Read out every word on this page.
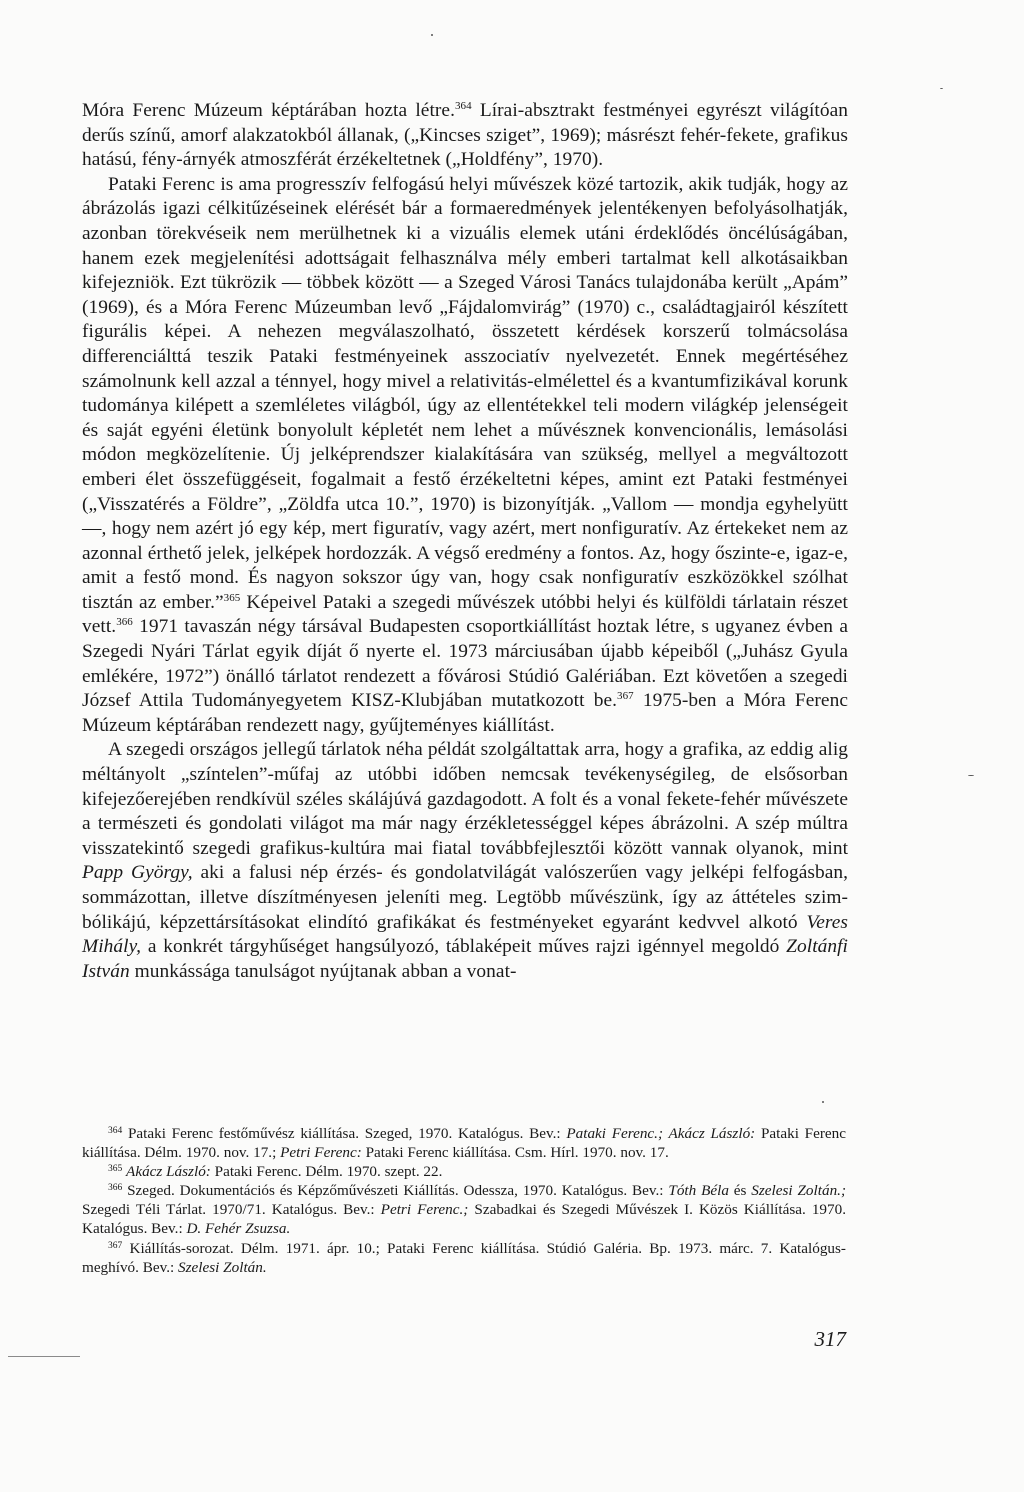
Móra Ferenc Múzeum képtárában hozta létre.$^{364}$ Lírai-absztrakt festményei egyrészt világítóan derűs színű, amorf alakzatokból állanak, („Kincses sziget”, 1969); másrészt fehér-fekete, grafikus hatású, fény-árnyék atmoszférát érzékeltetnek („Holdfény”, 1970).

Pataki Ferenc is ama progresszív felfogású helyi művészek közé tartozik, akik tudják, hogy az ábrázolás igazi célkitűzéseinek elérését bár a formaeredmények jelentékenyen befolyásolhatják, azonban törekvéseik nem merülhetnek ki a vizuális elemek utáni érdeklődés öncélúságában, hanem ezek megjelenítési adottságait felhasználva mély emberi tartalmat kell alkotásaikban kifejezniök. Ezt tükrözik — többek között — a Szeged Városi Tanács tulajdonába került „Apám” (1969), és a Móra Ferenc Múzeumban levő „Fájdalomvirág” (1970) c., családtagjairól készített figurális képei. A nehezen megválaszolható, összetett kérdések korszerű tolmácsolása differenciálttá teszik Pataki festményeinek asszociatív nyelvezetét. Ennek megértéséhez számolnunk kell azzal a ténnyel, hogy mivel a relativitás-elmélettel és a kvantumfizikával korunk tudománya kilépett a szemléletes világból, úgy az ellentétekkel teli modern világkép jelenségeit és saját egyéni életünk bonyolult képletét nem lehet a művésznek konvencionális, lemásolási módon megközelítenie. Új jelképrendszer kialakítására van szükség, mellyel a megváltozott emberi élet összefüggéseit, fogalmait a festő érzékeltetni képes, amint ezt Pataki festményei („Visszatérés a Földre”, „Zöldfa utca 10.”, 1970) is bizonyítják. „Vallom — mondja egyhelyütt —, hogy nem azért jó egy kép, mert figuratív, vagy azért, mert nonfiguratív. Az értekeket nem az azonnal érthető jelek, jelképek hordozzák. A végső eredmény a fontos. Az, hogy őszinte-e, igaz-e, amit a festő mond. És nagyon sokszor úgy van, hogy csak nonfiguratív eszközökkel szólhat tisztán az ember.”$^{365}$ Képeivel Pataki a szegedi művészek utóbbi helyi és külföldi tárlatain részet vett.$^{366}$ 1971 tavaszán négy társával Budapesten csoportkiállítást hoztak létre, s ugyanez évben a Szegedi Nyári Tárlat egyik díját ő nyerte el. 1973 márciusában újabb képeiből („Juhász Gyula emlékére, 1972”) önálló tárlatot rendezett a fővárosi Stúdió Galériában. Ezt követően a szegedi József Attila Tudományegyetem KISZ-Klubjában mutatkozott be.$^{367}$ 1975-ben a Móra Ferenc Múzeum képtárában rendezett nagy, gyűjteményes kiállítást.

A szegedi országos jellegű tárlatok néha példát szolgáltattak arra, hogy a grafika, az eddig alig méltányolt „színtelen”-műfaj az utóbbi időben nemcsak tevékenységileg, de elsősorban kifejezőerejében rendkívül széles skálájúvá gazdagodott. A folt és a vonal fekete-fehér művészete a természeti és gondolati világot ma már nagy érzékletességgel képes ábrázolni. A szép múltra visszatekintő szegedi grafikus-kultúra mai fiatal továbbfejlesztői között vannak olyanok, mint Papp György, aki a falusi nép érzés- és gondolatvilágát valószerűen vagy jelképi felfogásban, sommázottan, illetve díszítményesen jeleníti meg. Legtöbb művészünk, így az áttételes szimbólikájú, képzettársításokat elindító grafikákat és festményeket egyaránt kedvvel alkotó Veres Mihály, a konkrét tárgyhűséget hangsúlyozó, táblaképeit műves rajzi igénnyel megoldó Zoltánfi István munkássága tanulságot nyújtanak abban a vonat-

$^{364}$ Pataki Ferenc festőművész kiállítása. Szeged, 1970. Katalógus. Bev.: Pataki Ferenc.; Akácz László: Pataki Ferenc kiállítása. Délm. 1970. nov. 17.; Petri Ferenc: Pataki Ferenc kiállítása. Csm. Hírl. 1970. nov. 17.

$^{365}$ Akácz László: Pataki Ferenc. Délm. 1970. szept. 22.

$^{366}$ Szeged. Dokumentációs és Képzőművészeti Kiállítás. Odessza, 1970. Katalógus. Bev.: Tóth Béla és Szelesi Zoltán.; Szegedi Téli Tárlat. 1970/71. Katalógus. Bev.: Petri Ferenc.; Szabadkai és Szegedi Művészek I. Közös Kiállítása. 1970. Katalógus. Bev.: D. Fehér Zsuzsa.

$^{367}$ Kiállítás-sorozat. Délm. 1971. ápr. 10.; Pataki Ferenc kiállítása. Stúdió Galéria. Bp. 1973. márc. 7. Katalógus-meghívó. Bev.: Szelesi Zoltán.

317
